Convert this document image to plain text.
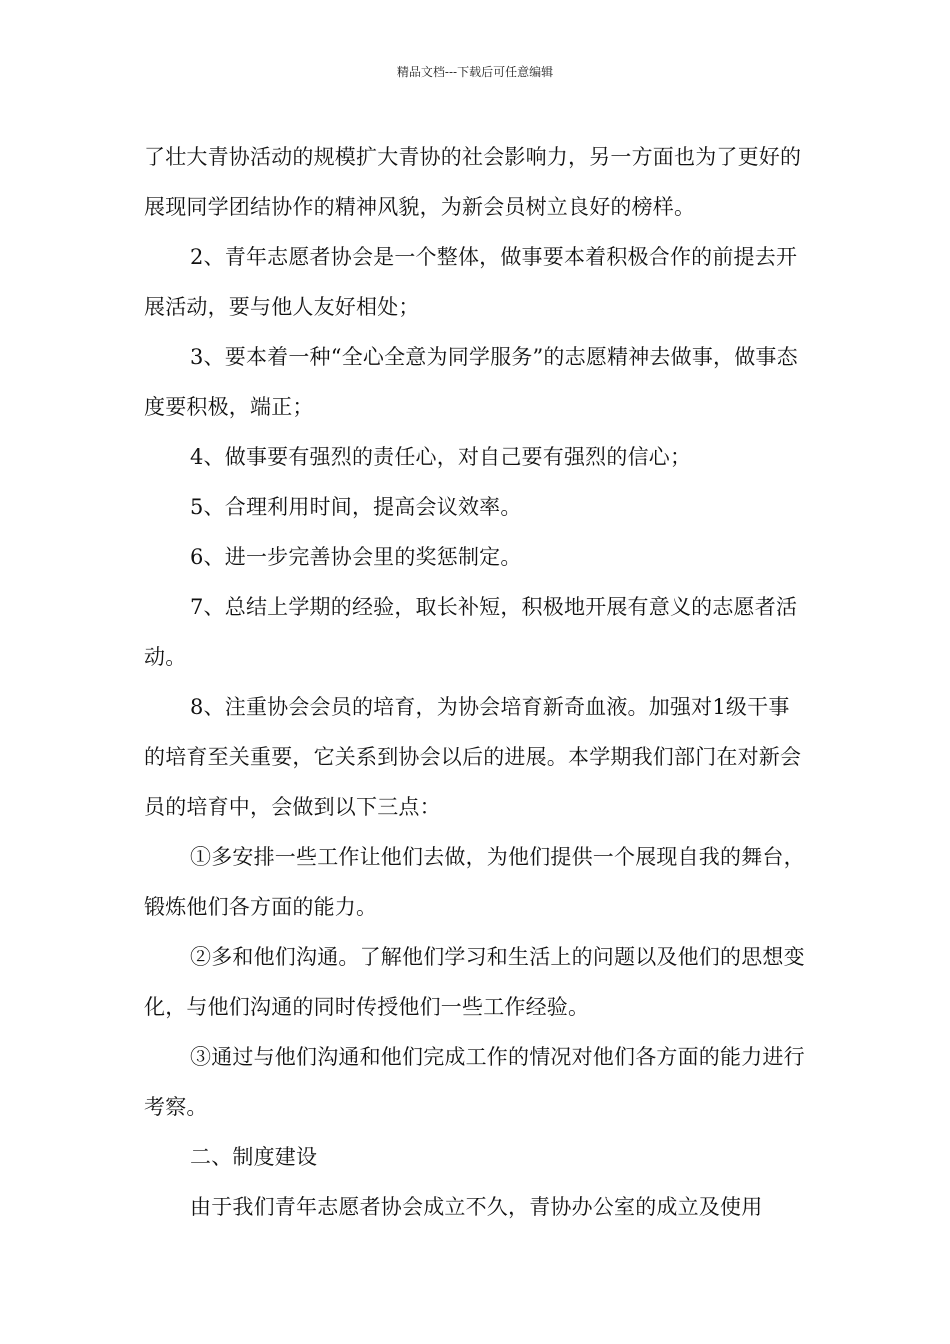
精品文档---下载后可任意编辑

了壮大青协活动的规模扩大青协的社会影响力，另一方面也为了更好的展现同学团结协作的精神风貌，为新会员树立良好的榜样。

2、青年志愿者协会是一个整体，做事要本着积极合作的前提去开展活动，要与他人友好相处；

3、要本着一种“全心全意为同学服务”的志愿精神去做事，做事态度要积极，端正；

4、做事要有强烈的责任心，对自己要有强烈的信心；

5、合理利用时间，提高会议效率。

6、进一步完善协会里的奖惩制定。

7、总结上学期的经验，取长补短，积极地开展有意义的志愿者活动。

8、注重协会会员的培育，为协会培育新奇血液。加强对1级干事的培育至关重要，它关系到协会以后的进展。本学期我们部门在对新会员的培育中，会做到以下三点：

①多安排一些工作让他们去做，为他们提供一个展现自我的舞台，锻炼他们各方面的能力。

②多和他们沟通。了解他们学习和生活上的问题以及他们的思想变化，与他们沟通的同时传授他们一些工作经验。

③通过与他们沟通和他们完成工作的情况对他们各方面的能力进行考察。

二、制度建设

由于我们青年志愿者协会成立不久，青协办公室的成立及使用
